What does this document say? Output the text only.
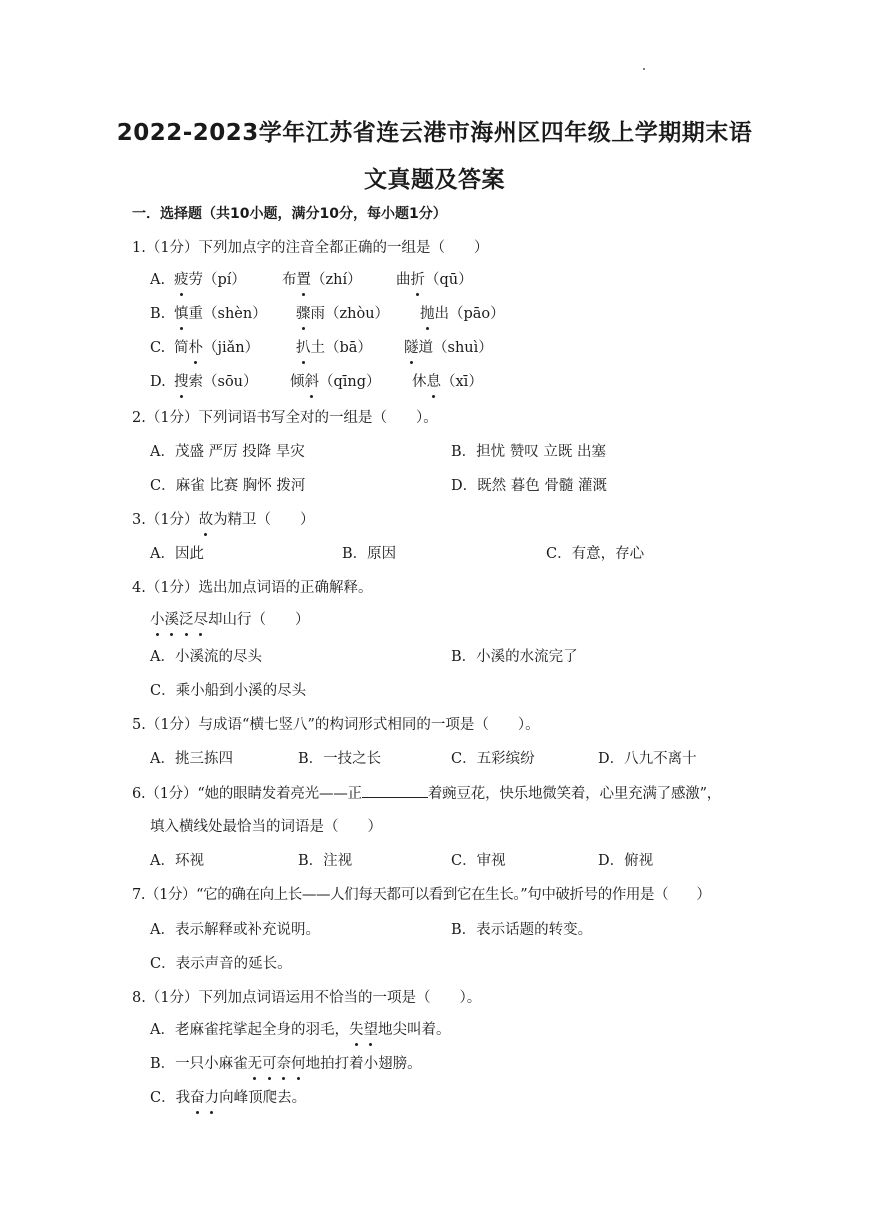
2022-2023学年江苏省连云港市海州区四年级上学期期末语
文真题及答案
一．选择题（共10小题，满分10分，每小题1分）
1.（1分）下列加点字的注音全都正确的一组是（　　）
A. 疲劳（pí） 布置（zhí） 曲折（qū）
B. 慎重（shèn） 骤雨（zhòu） 抛出（pāo）
C. 简朴（jiǎn）	扒土（bā） 隧道（shuì）
D. 搜索（sōu） 倾斜（qīng） 休息（xī）
2.（1分）下列词语书写全对的一组是（　　）。
A．茂盛 严厉 投降 旱灾	B．担忧 赞叹 立既 出塞
C．麻雀 比赛 胸怀 拨河	D．既然 暮色 骨髓 灌溉
3.（1分）故为精卫（　　）
A．因此	B．原因	C．有意，存心
4.（1分）选出加点词语的正确解释。
小溪泛尽却山行（　　）
A．小溪流的尽头	B．小溪的水流完了
C．乘小船到小溪的尽头
5.（1分）与成语“横七竖八”的构词形式相同的一项是（　　）。
A．挑三拣四	B．一技之长	C．五彩缤纷	D．八九不离十
6.（1分）“她的眼睛发着亮光——正	着豌豆花，快乐地微笑着，心里充满了感激”，
填入横线处最恰当的词语是（　　）
A．环视	B．注视	C．审视	D．俯视
7.（1分）“它的确在向上长——人们每天都可以看到它在生长。”句中破折号的作用是（　　）
A．表示解释或补充说明。	B．表示话题的转变。
C．表示声音的延长。
8.（1分）下列加点词语运用不恰当的一项是（　　）。
A．老麻雀挓挲起全身的羽毛，失望地尖叫着。
B．一只小麻雀无可奈何地拍打着小翅膀。
C．我奋力向峰顶爬去。
